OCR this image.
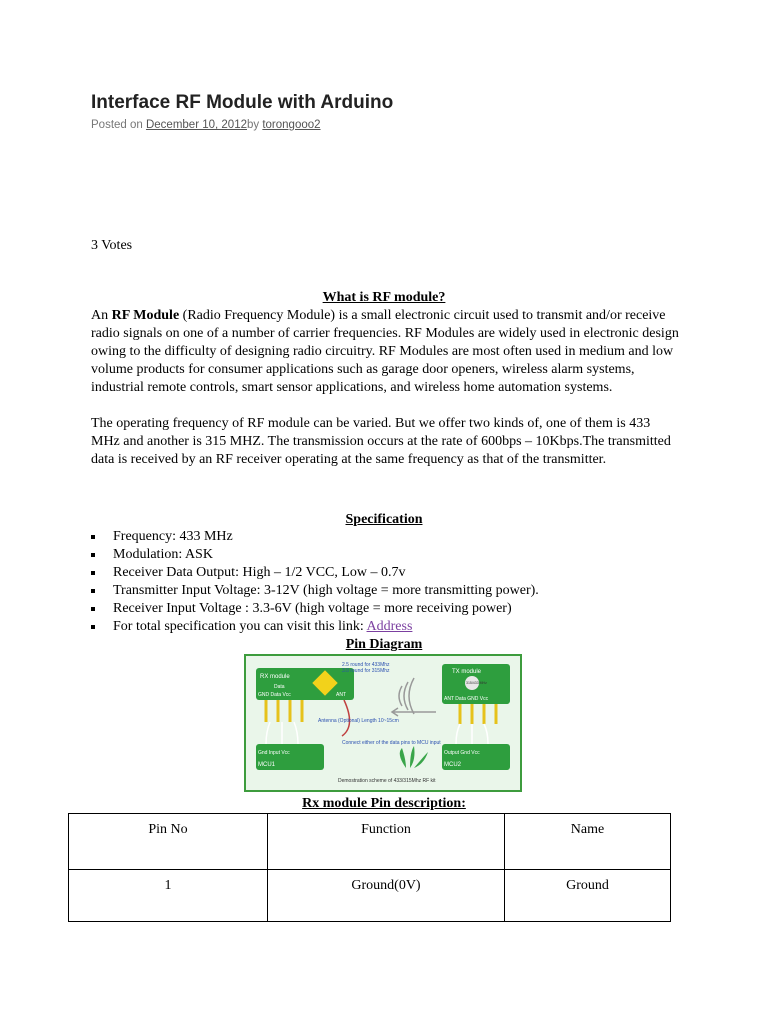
Interface RF Module with Arduino
Posted on December 10, 2012by torongooo2
3 Votes
What is RF module?

An RF Module (Radio Frequency Module) is a small electronic circuit used to transmit and/or receive radio signals on one of a number of carrier frequencies. RF Modules are widely used in electronic design owing to the difficulty of designing radio circuitry. RF Modules are most often used in medium and low volume products for consumer applications such as garage door openers, wireless alarm systems, industrial remote controls, smart sensor applications, and wireless home automation systems.

The operating frequency of RF module can be varied. But we offer two kinds of, one of them is 433 MHz and another is 315 MHZ. The transmission occurs at the rate of 600bps – 10Kbps.The transmitted data is received by an RF receiver operating at the same frequency as that of the transmitter.

Specification
Frequency: 433 MHz
Modulation: ASK
Receiver Data Output: High – 1/2 VCC, Low – 0.7v
Transmitter Input Voltage: 3-12V (high voltage = more transmitting power).
Receiver Input Voltage : 3.3-6V (high voltage = more receiving power)
For total specification you can visit this link: Address
Pin Diagram
RX module
ANT
Data
GND Data Vcc
2.5 round for 433Mhz
3.0 round for 315Mhz
Antenna (Optional) Length 10~15cm
Connect either of the data pins to MCU input
Gnd Input Vcc
MCU1
TX module
315/433 MHz
ANT Data GND Vcc
Output Gnd Vcc
MCU2
Demostration scheme of 433/315Mhz RF kit
Rx module Pin description:
Pin No	Function	Name
1	Ground(0V)	Ground
